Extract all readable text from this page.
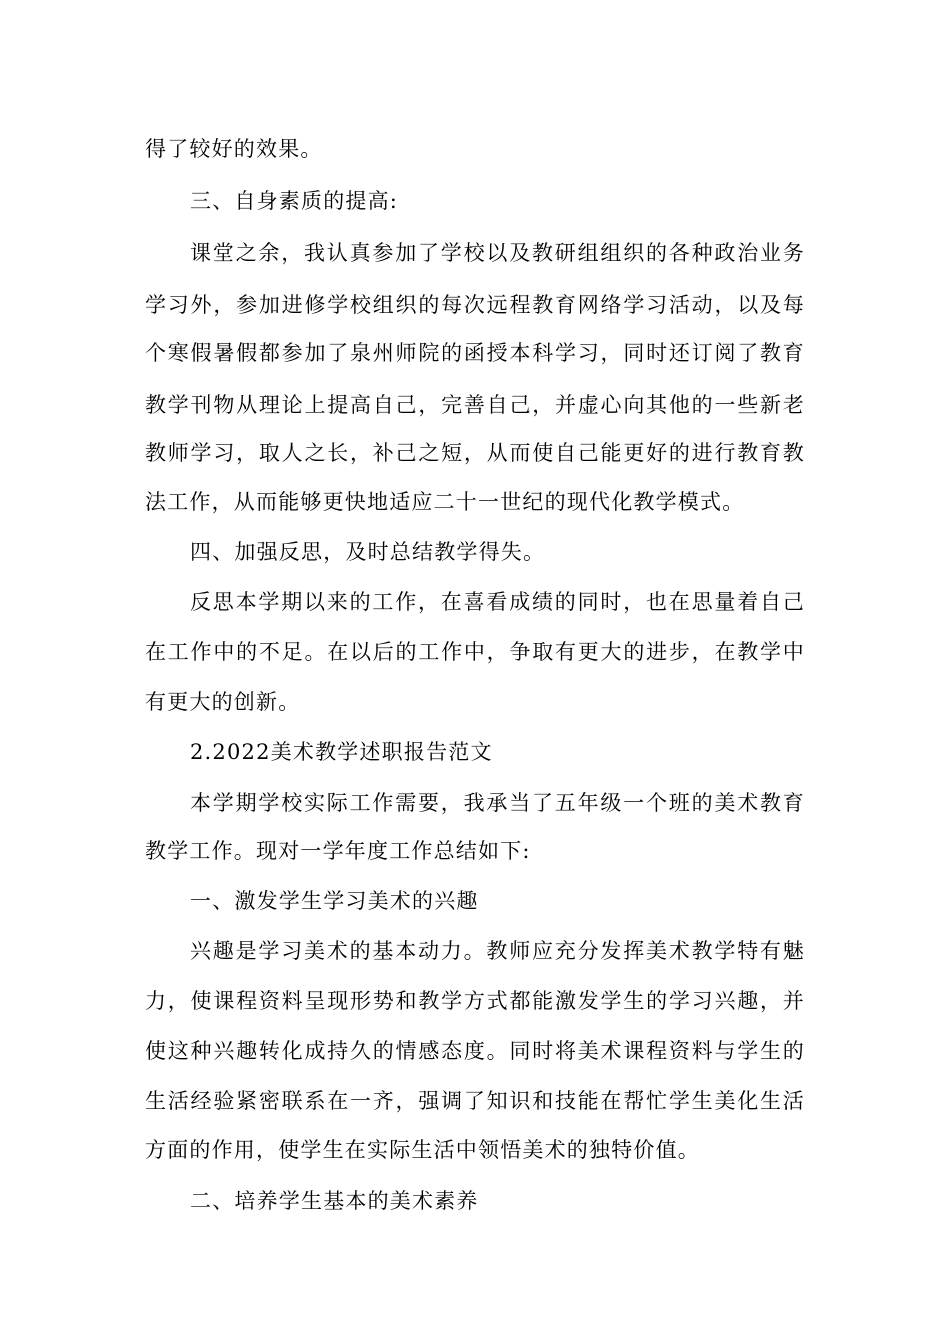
得了较好的效果。
三、自身素质的提高:
课堂之余，我认真参加了学校以及教研组组织的各种政治业务
学习外，参加进修学校组织的每次远程教育网络学习活动，以及每
个寒假暑假都参加了泉州师院的函授本科学习，同时还订阅了教育
教学刊物从理论上提高自己，完善自己，并虚心向其他的一些新老
教师学习，取人之长，补己之短，从而使自己能更好的进行教育教
法工作，从而能够更快地适应二十一世纪的现代化教学模式。
四、加强反思，及时总结教学得失。
反思本学期以来的工作，在喜看成绩的同时，也在思量着自己
在工作中的不足。在以后的工作中，争取有更大的进步，在教学中
有更大的创新。
2.2022美术教学述职报告范文
本学期学校实际工作需要，我承当了五年级一个班的美术教育
教学工作。现对一学年度工作总结如下:
一、激发学生学习美术的兴趣
兴趣是学习美术的基本动力。教师应充分发挥美术教学特有魅
力，使课程资料呈现形势和教学方式都能激发学生的学习兴趣，并
使这种兴趣转化成持久的情感态度。同时将美术课程资料与学生的
生活经验紧密联系在一齐，强调了知识和技能在帮忙学生美化生活
方面的作用，使学生在实际生活中领悟美术的独特价值。
二、培养学生基本的美术素养
